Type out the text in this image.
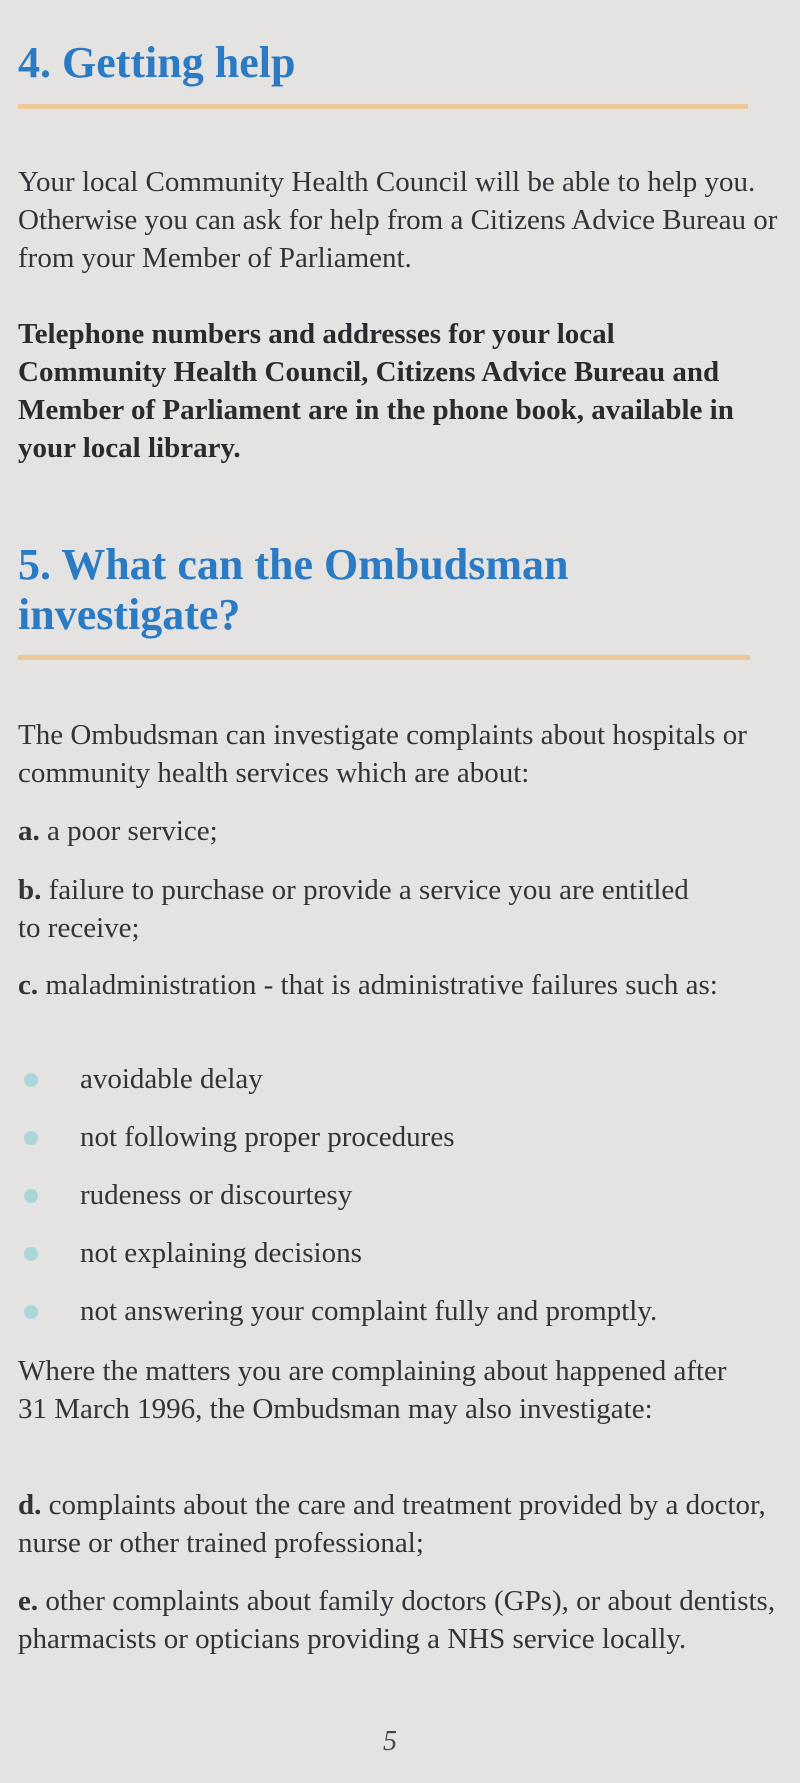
4. Getting help

Your local Community Health Council will be able to help you. Otherwise you can ask for help from a Citizens Advice Bureau or from your Member of Parliament.

Telephone numbers and addresses for your local Community Health Council, Citizens Advice Bureau and Member of Parliament are in the phone book, available in your local library.

5. What can the Ombudsman investigate?

The Ombudsman can investigate complaints about hospitals or community health services which are about:

a. a poor service;

b. failure to purchase or provide a service you are entitled to receive;

c. maladministration - that is administrative failures such as:

avoidable delay
not following proper procedures
rudeness or discourtesy
not explaining decisions
not answering your complaint fully and promptly.

Where the matters you are complaining about happened after 31 March 1996, the Ombudsman may also investigate:

d. complaints about the care and treatment provided by a doctor, nurse or other trained professional;

e. other complaints about family doctors (GPs), or about dentists, pharmacists or opticians providing a NHS service locally.

5
